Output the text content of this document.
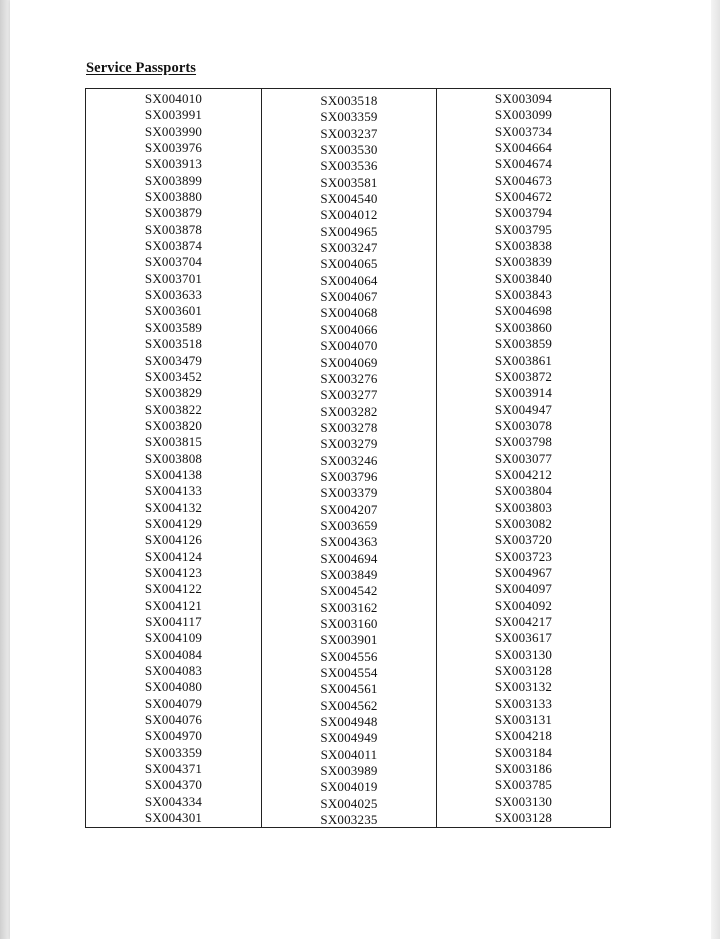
Service Passports
SX004010
SX003991
SX003990
SX003976
SX003913
SX003899
SX003880
SX003879
SX003878
SX003874
SX003704
SX003701
SX003633
SX003601
SX003589
SX003518
SX003479
SX003452
SX003829
SX003822
SX003820
SX003815
SX003808
SX004138
SX004133
SX004132
SX004129
SX004126
SX004124
SX004123
SX004122
SX004121
SX004117
SX004109
SX004084
SX004083
SX004080
SX004079
SX004076
SX004970
SX003359
SX004371
SX004370
SX004334
SX004301
SX003518
SX003359
SX003237
SX003530
SX003536
SX003581
SX004540
SX004012
SX004965
SX003247
SX004065
SX004064
SX004067
SX004068
SX004066
SX004070
SX004069
SX003276
SX003277
SX003282
SX003278
SX003279
SX003246
SX003796
SX003379
SX004207
SX003659
SX004363
SX004694
SX003849
SX004542
SX003162
SX003160
SX003901
SX004556
SX004554
SX004561
SX004562
SX004948
SX004949
SX004011
SX003989
SX004019
SX004025
SX003235
SX003094
SX003099
SX003734
SX004664
SX004674
SX004673
SX004672
SX003794
SX003795
SX003838
SX003839
SX003840
SX003843
SX004698
SX003860
SX003859
SX003861
SX003872
SX003914
SX004947
SX003078
SX003798
SX003077
SX004212
SX003804
SX003803
SX003082
SX003720
SX003723
SX004967
SX004097
SX004092
SX004217
SX003617
SX003130
SX003128
SX003132
SX003133
SX003131
SX004218
SX003184
SX003186
SX003785
SX003130
SX003128
